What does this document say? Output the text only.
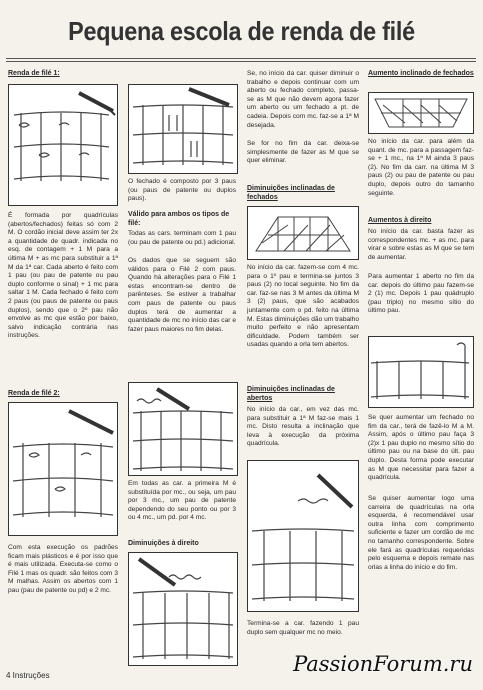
Pequena escola de renda de filé
Renda de filé 1:
É formada por quadrículas (abertos/fechados) feitas só com 2 M. O cordão inicial deve assim ter 2x a quantidade de quadr. indicada no esq. de contagem + 1 M para a última M + as mc para substituir a 1ª M da 1ª car. Cada aberto é feito com 1 pau (ou pau de patente ou pau duplo conforme o sinal) + 1 mc para saltar 1 M. Cada fechado é feito com 2 paus (ou paus de patente ou paus duplos), sendo que o 2º pau não envolve as mc que estão por baixo, salvo indicação contrária nas instruções.
Renda de filé 2:
Com esta execução os padrões ficam mais plásticos e é por isso que é mais utilizada. Executa-se como o Filé 1 mas os quadr. são feitos com 3 M malhas. Assim os abertos com 1 pau (pau de patente ou pd) e 2 mc.
O fechado é composto por 3 paus (ou paus de patente ou duplos paus).
Válido para ambos os tipos de filé:
Todas as cars. terminam com 1 pau (ou pau de patente ou pd.) adicional.
Os dados que se seguem são válidos para o Filé 2 com paus. Quando há alterações para o Filé 1 estas encontram-se dentro de parênteses. Se estiver a trabalhar com paus de patente ou paus duplos terá de aumentar a quantidade de mc no início das car e fazer paus maiores no fim delas.
Em todas as car. a primeira M é substituída por mc., ou seja, um pau por 3 mc., um pau de patente dependendo do seu ponto ou por 3 ou 4 mc., um pd. por 4 mc.
Diminuições à direito
Se, no início da car. quiser diminuir o trabalho e depois continuar com um aberto ou fechado completo, passa-se as M que não devem agora fazer um aberto ou um fechado a pt. de cadeia. Depois com mc. faz-se a 1ª M desejada.
Se for no fim da car. deixa-se simplesmente de fazer as M que se quer eliminar.
Diminuições inclinadas de fechados
No início da car. fazem-se com 4 mc. para o 1º pau e termina-se juntos 3 paus (2) no local seguinte. No fim da car. faz-se nas 3 M antes da última M 3 (2) paus, que são acabados juntamente com o pd. feito na última M. Estas diminuições dão um trabalho muito perfeito e não apresentam dificuldade. Podem também ser usadas quando a orla tem abertos.
Diminuições inclinadas de abertos
No início da car., em vez das mc. para substituir a 1ª M faz-se mais 1 mc. Disto resulta a inclinação que leva à execução da próxima quadrícula.
Termina-se a car. fazendo 1 pau duplo sem qualquer mc no meio.
Aumento inclinado de fechados
No início da car. para além da quant. de mc. para a passagem faz-se + 1 mc., na 1ª M ainda 3 paus (2). No fim da carr. na última M 3 paus (2) ou pau de patente ou pau duplo, depois outro do tamanho seguinte.
Aumentos à direito
No início da car. basta fazer as correspondentes mc. + as mc. para virar e sobre estas as M que se tem de aumentar.
Para aumentar 1 aberto no fim da car. depois do último pau fazem-se 2 (1) mc. Depois 1 pau quádruplo (pau triplo) no mesmo sítio do último pau.
Se quer aumentar um fechado no fim da car., terá de fazê-lo M a M. Assim, após o último pau faça 3 (2)x 1 pau duplo no mesmo sítio do último pau ou na base do últ. pau duplo. Desta forma pode executar as M que necessitar para fazer a quadrícula.
Se quiser aumentar logo uma carreira de quadrículas na orla esquerda, é recomendável usar outra linha com comprimento suficiente e fazer um cordão de mc no tamanho correspondente. Sobre ele fará as quadrículas requeridas pelo esquema e depois remate nas orlas a linha do início e do fim.
4 Instruções	PassionForum.ru
